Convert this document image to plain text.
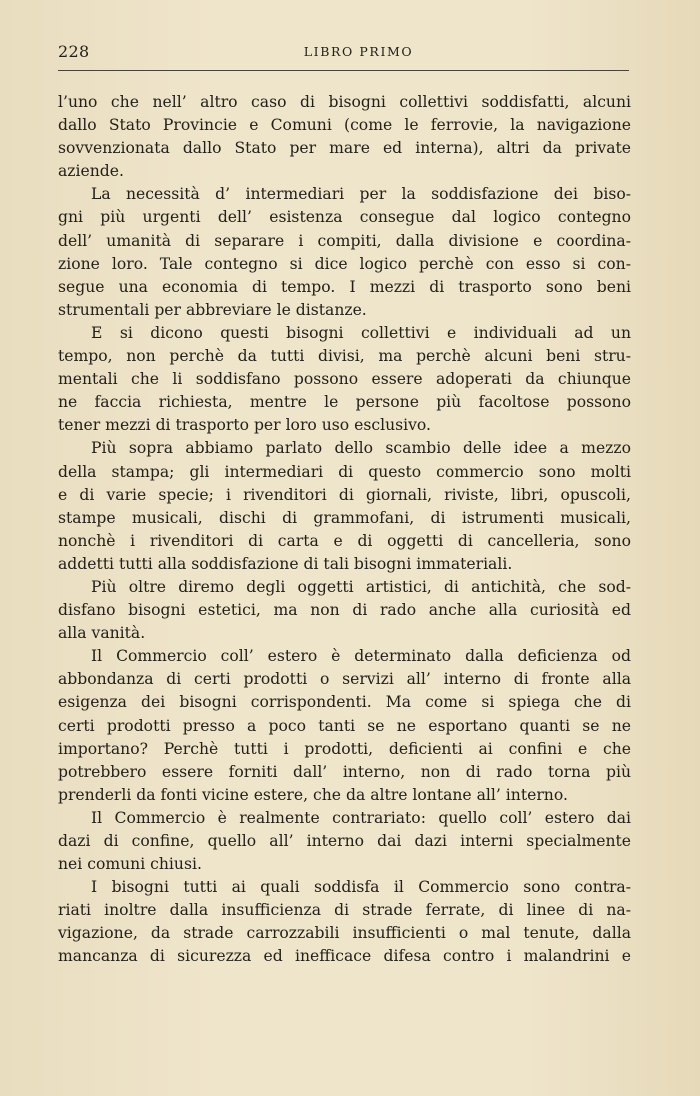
228	LIBRO PRIMO
l’uno che nell’ altro caso di bisogni collettivi soddisfatti, alcuni
dallo Stato Provincie e Comuni (come le ferrovie, la navigazione
sovvenzionata dallo Stato per mare ed interna), altri da private
aziende.
La necessità d’ intermediari per la soddisfazione dei biso-
gni più urgenti dell’ esistenza consegue dal logico contegno
dell’ umanità di separare i compiti, dalla divisione e coordina-
zione loro. Tale contegno si dice logico perchè con esso si con-
segue una economia di tempo. I mezzi di trasporto sono beni
strumentali per abbreviare le distanze.
E si dicono questi bisogni collettivi e individuali ad un
tempo, non perchè da tutti divisi, ma perchè alcuni beni stru-
mentali che li soddisfano possono essere adoperati da chiunque
ne faccia richiesta, mentre le persone più facoltose possono
tener mezzi di trasporto per loro uso esclusivo.
Più sopra abbiamo parlato dello scambio delle idee a mezzo
della stampa; gli intermediari di questo commercio sono molti
e di varie specie; i rivenditori di giornali, riviste, libri, opuscoli,
stampe musicali, dischi di grammofani, di istrumenti musicali,
nonchè i rivenditori di carta e di oggetti di cancelleria, sono
addetti tutti alla soddisfazione di tali bisogni immateriali.
Più oltre diremo degli oggetti artistici, di antichità, che sod-
disfano bisogni estetici, ma non di rado anche alla curiosità ed
alla vanità.
Il Commercio coll’ estero è determinato dalla deficienza od
abbondanza di certi prodotti o servizi all’ interno di fronte alla
esigenza dei bisogni corrispondenti. Ma come si spiega che di
certi prodotti presso a poco tanti se ne esportano quanti se ne
importano? Perchè tutti i prodotti, deficienti ai confini e che
potrebbero essere forniti dall’ interno, non di rado torna più
prenderli da fonti vicine estere, che da altre lontane all’ interno.
Il Commercio è realmente contrariato: quello coll’ estero dai
dazi di confine, quello all’ interno dai dazi interni specialmente
nei comuni chiusi.
I bisogni tutti ai quali soddisfa il Commercio sono contra-
riati inoltre dalla insufficienza di strade ferrate, di linee di na-
vigazione, da strade carrozzabili insufficienti o mal tenute, dalla
mancanza di sicurezza ed inefficace difesa contro i malandrini e
